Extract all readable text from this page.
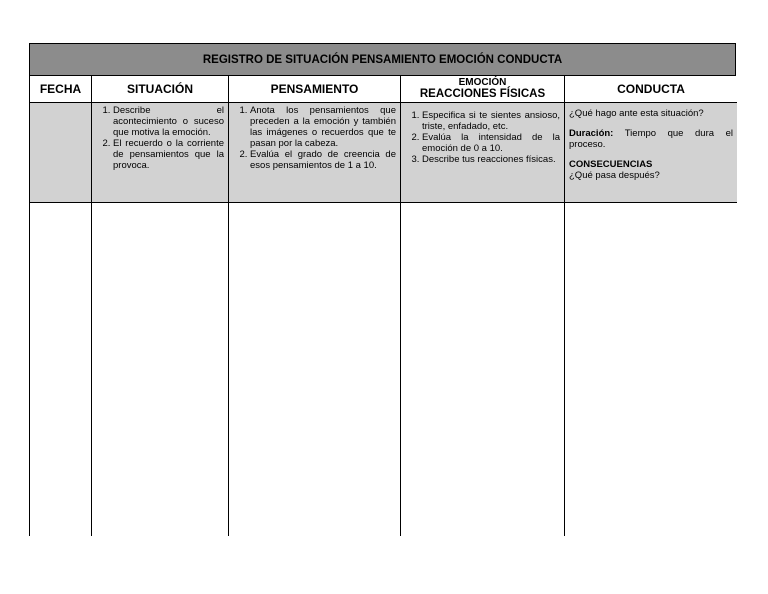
REGISTRO DE SITUACIÓN PENSAMIENTO EMOCIÓN CONDUCTA
FECHA	SITUACIÓN
1. Describe el acontecimiento o suceso que motiva la emoción.
2. El recuerdo o la corriente de pensamientos que la provoca.
PENSAMIENTO
1. Anota los pensamientos que preceden a la emoción y también las imágenes o recuerdos que te pasan por la cabeza.
2. Evalúa el grado de creencia de esos pensamientos de 1 a 10.
EMOCIÓN
REACCIONES FÍSICAS
1. Especifica si te sientes ansioso, triste, enfadado, etc.
2. Evalúa la intensidad de la emoción de 0 a 10.
3. Describe tus reacciones físicas.
CONDUCTA

¿Qué hago ante esta situación?

Duración: Tiempo que dura el proceso.

CONSECUENCIAS
¿Qué pasa después?
